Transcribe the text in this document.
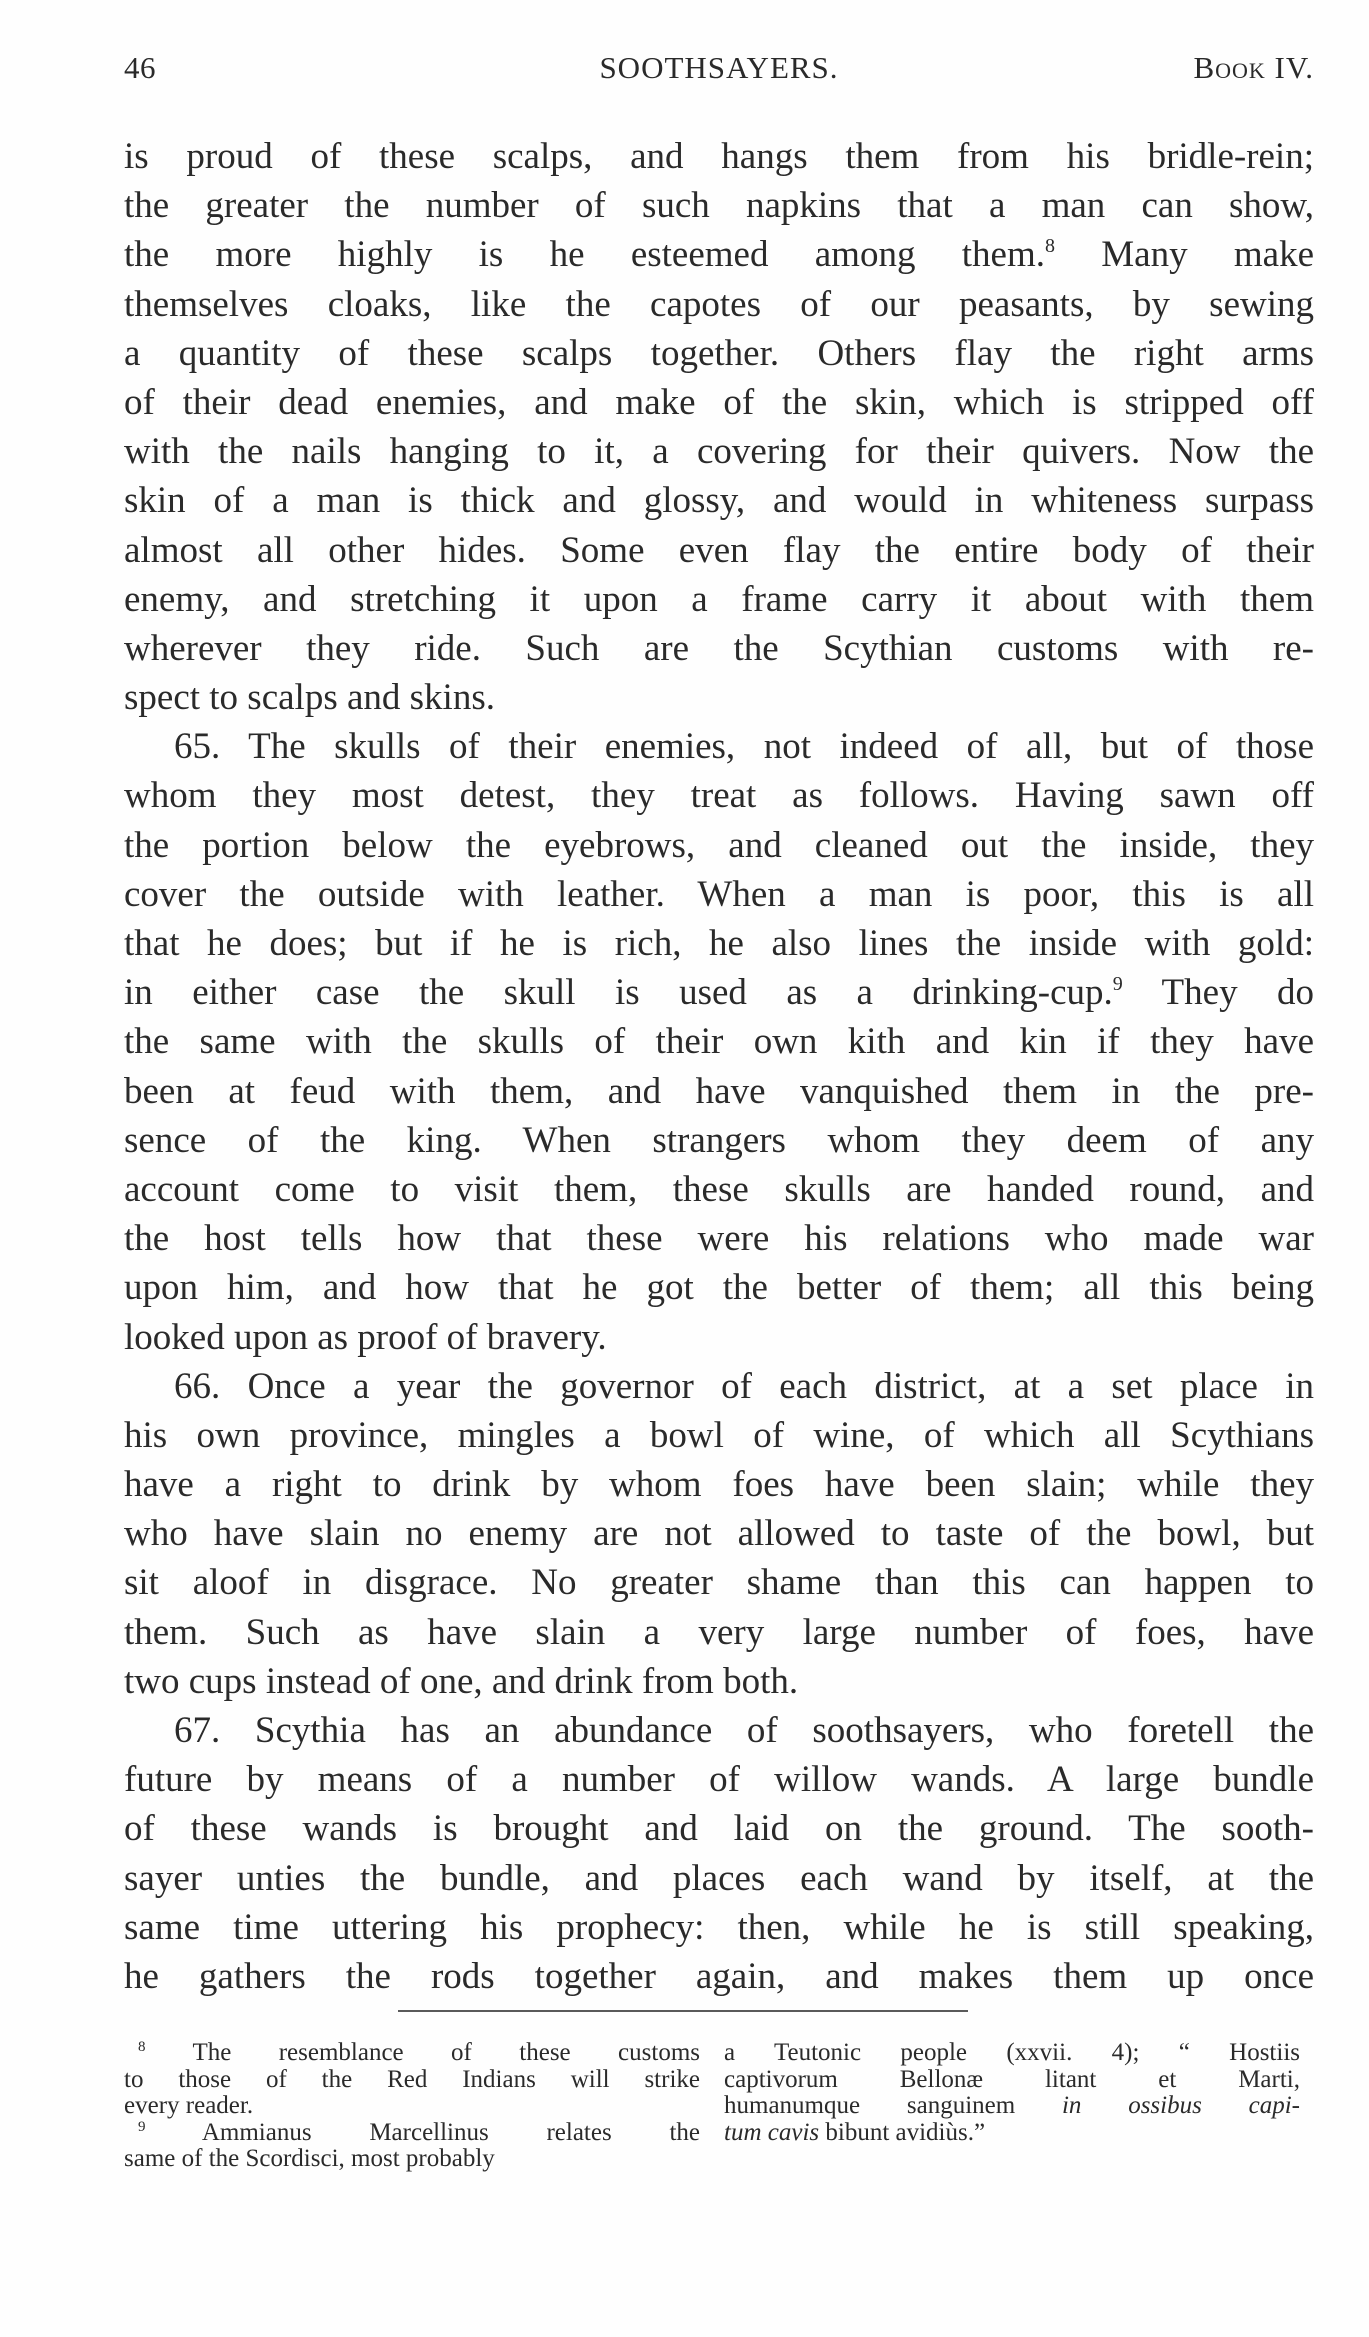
46	SOOTHSAYERS.	Book IV.
is proud of these scalps, and hangs them from his bridle-rein;
the greater the number of such napkins that a man can show,
the more highly is he esteemed among them.$^8$ Many make
themselves cloaks, like the capotes of our peasants, by sewing
a quantity of these scalps together. Others flay the right arms
of their dead enemies, and make of the skin, which is stripped off
with the nails hanging to it, a covering for their quivers. Now the
skin of a man is thick and glossy, and would in whiteness surpass
almost all other hides. Some even flay the entire body of their
enemy, and stretching it upon a frame carry it about with them
wherever they ride. Such are the Scythian customs with re-
spect to scalps and skins.
65. The skulls of their enemies, not indeed of all, but of those
whom they most detest, they treat as follows. Having sawn off
the portion below the eyebrows, and cleaned out the inside, they
cover the outside with leather. When a man is poor, this is all
that he does; but if he is rich, he also lines the inside with gold:
in either case the skull is used as a drinking-cup.$^9$ They do
the same with the skulls of their own kith and kin if they have
been at feud with them, and have vanquished them in the pre-
sence of the king. When strangers whom they deem of any
account come to visit them, these skulls are handed round, and
the host tells how that these were his relations who made war
upon him, and how that he got the better of them; all this being
looked upon as proof of bravery.
66. Once a year the governor of each district, at a set place in
his own province, mingles a bowl of wine, of which all Scythians
have a right to drink by whom foes have been slain; while they
who have slain no enemy are not allowed to taste of the bowl, but
sit aloof in disgrace. No greater shame than this can happen to
them. Such as have slain a very large number of foes, have
two cups instead of one, and drink from both.
67. Scythia has an abundance of soothsayers, who foretell the
future by means of a number of willow wands. A large bundle
of these wands is brought and laid on the ground. The sooth-
sayer unties the bundle, and places each wand by itself, at the
same time uttering his prophecy: then, while he is still speaking,
he gathers the rods together again, and makes them up once
$^8$ The resemblance of these customs
to those of the Red Indians will strike
every reader.
$^9$ Ammianus Marcellinus relates the
same of the Scordisci, most probably
a Teutonic people (xxvii. 4); “ Hostiis
captivorum Bellonæ litant et Marti,
humanumque sanguinem in ossibus capi-
tum cavis bibunt avidiùs.”
